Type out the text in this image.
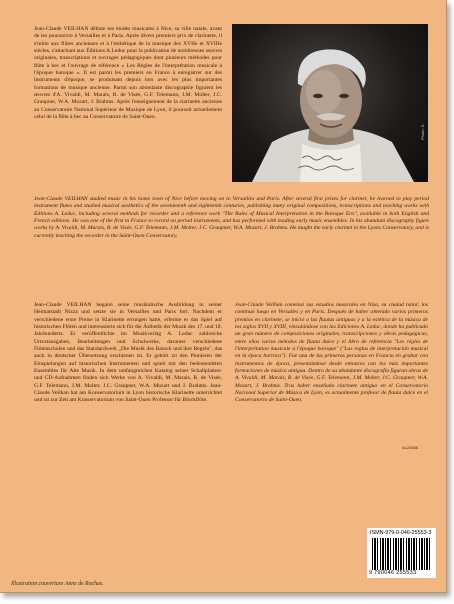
Jean-Claude VEILHAN débute ses études musicales à Nice, sa ville natale, avant de les poursuivre à Versailles et à Paris. Après divers premiers prix de clarinette, il s'initie aux flûtes anciennes et à l'esthétique de la musique des XVIIe et XVIIIe siècles, s'attachant aux Éditions A.Leduc pour la publication de nombreuses œuvres originales, transcriptions et ouvrages pédagogiques dont plusieurs méthodes pour flûte à bec et l'ouvrage de référence « Les Règles de l'interprétation musicale à l'époque baroque ». Il est parmi les premiers en France à enregistrer sur des instruments d'époque, se produisant depuis lors avec les plus importantes formations de musique ancienne. Parmi son abondante discographie figurent les œuvres d'A. Vivaldi, M. Marais, R. de Visée, G.F. Telemann, J.M. Molter, J.C. Graupner, W.A. Mozart, J. Brahms. Après l'enseignement de la clarinette ancienne au Conservatoire National Supérieur de Musique de Lyon, il poursuit actuellement celui de la flûte à bec au Conservatoire de Saint-Ouen.

Photo: S.

Jean-Claude VEILHAN studied music in his home town of Nice before moving on to Versailles and Paris. After several first prizes for clarinet, he learned to play period instrument flutes and studied musical aesthetics of the seventeenth and eighteenth centuries, publishing many original compositions, transcriptions and teaching works with Éditions A. Leduc, including several methods for recorder and a reference work "The Rules of Musical Interpretation in the Baroque Era", available in both English and French editions. He was one of the first in France to record on period instruments, and has performed with leading early music ensembles. In his abundant discography figure works by A. Vivaldi, M. Marais, R. de Visée, G.F. Telemann, J.M. Molter, J.C. Graupner, W.A. Mozart, J. Brahms. He taught the early clarinet in the Lyons Conservatory, and is currently teaching the recorder in the Saint-Ouen Conservatory.

Jean-Claude VEILHAN begann seine musikalische Ausbildung in seiner Heimatstadt Nizza und setzte sie in Versailles und Paris fort. Nachdem er verschiedene erste Preise in Klarinette errungen hatte, erlernte er das Spiel auf historischen Flöten und interessierte sich für die Ästhetik der Musik des 17. und 18. Jahrhunderts. Er veröffentlichte im Musikverlag A. Leduc zahlreiche Urtextausgaben, Bearbeitungen und Schulwerke, darunter verschiedene Flötenschulen und das Standardwerk „Die Musik des Barock und ihre Regeln", das auch in deutscher Übersetzung erschienen ist. Er gehört zu den Pionieren der Einspielungen auf historischen Instrumenten und spielt mit den bedeutendsten Ensembles für Alte Musik. In dem umfangreichen Katalog seiner Schallplatten- und CD-Aufnahmen finden sich Werke von A. Vivaldi, M. Marais, R. de Visée, G.F. Telemann, J.M. Molter, J.C. Graupner, W.A. Mozart und J. Brahms. Jean-Claude Veilhan hat am Konservatorium in Lyon historische Klarinette unterrichtet und ist zur Zeit am Konservatorium von Saint-Ouen Professor für Blockflöte.

Jean-Claude Veilhan comenzó sus estudios musicales en Niza, su ciudad natal; los continuó luego en Versalles y en París. Después de haber obtenido varios primeros premios en clarinete, se inició a las flautas antiguas y a la estética de la música de los siglos XVII y XVIII, vinculándose con las Ediciones A. Leduc, donde ha publicado un gran número de composiciones originales, transcripciones y obras pedagógicas, entre ellas varios métodos de flauta dulce y el libro de referencia "Les règles de l'interprétation musicale à l'époque baroque" ("Las reglas de interpretación musical en la época barroca"). Fue una de las primeras personas en Francia en grabar con instrumentos de época, presentándose desde entonces con los más importantes formaciones de música antigua. Dentro de su abundante discografía figuran obras de A. Vivaldi, M. Marais, R. de Visée, G.F. Telemann, J.M. Molter, J.C. Graupner, W.A. Mozart, J. Brahms. Tras haber enseñado clarinete antiguo en el Conservatorio Nacional Superior de Música de Lyon, es actualmente profesor de flauta dulce en el Conservatorio de Saint-Ouen.

AL22866
ISMN-979-0-046-25553-3
9 790046 255533
Illustration couverture Anne de Rochas.
